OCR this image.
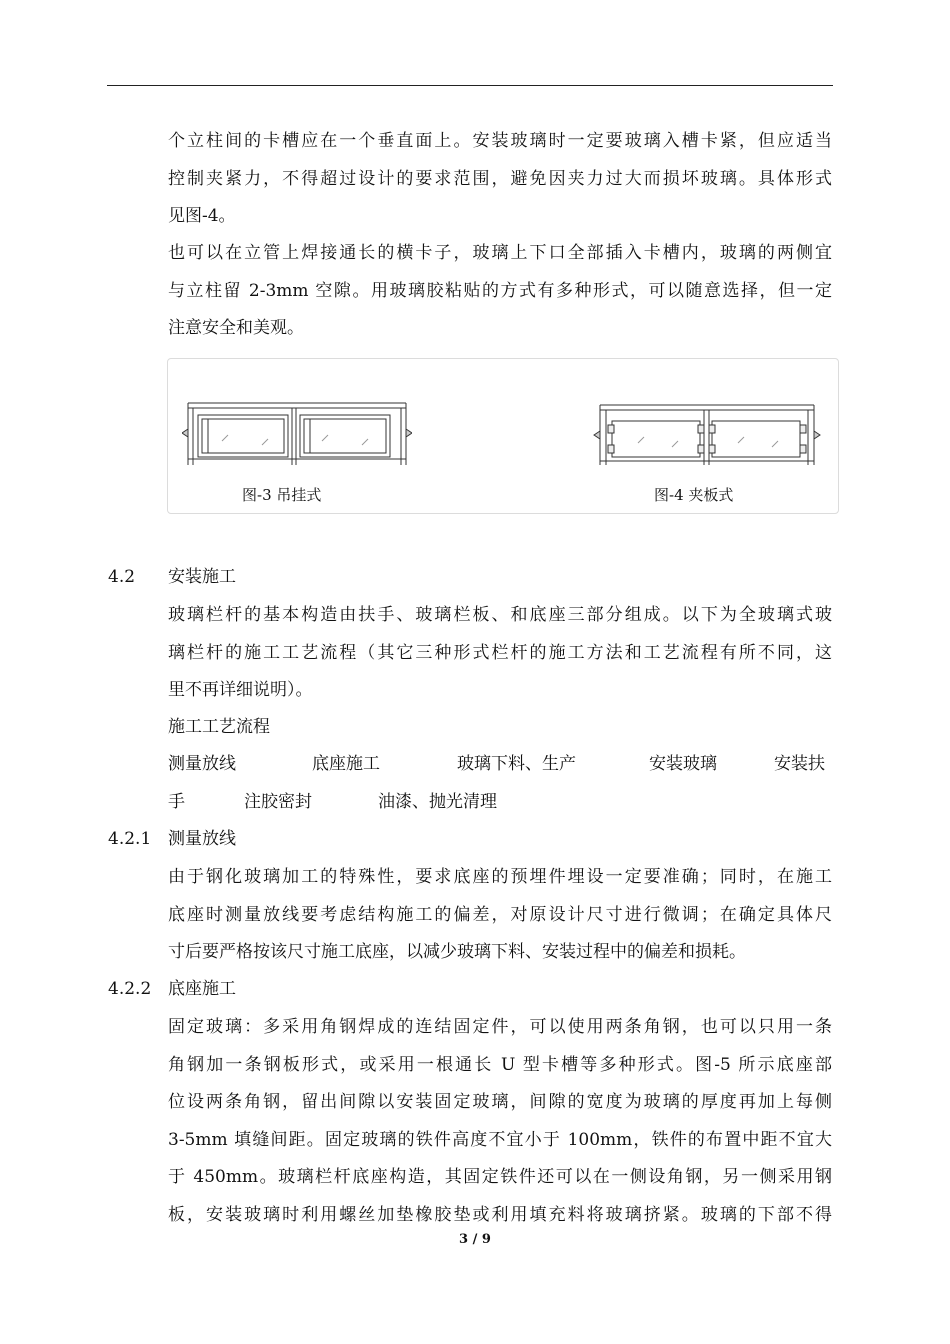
个立柱间的卡槽应在一个垂直面上。安装玻璃时一定要玻璃入槽卡紧，但应适当
控制夹紧力，不得超过设计的要求范围，避免因夹力过大而损坏玻璃。具体形式
见图-4。
也可以在立管上焊接通长的横卡子，玻璃上下口全部插入卡槽内，玻璃的两侧宜
与立柱留 2-3mm 空隙。用玻璃胶粘贴的方式有多种形式，可以随意选择，但一定
注意安全和美观。
图-3 吊挂式	图-4 夹板式
4.2 安装施工
玻璃栏杆的基本构造由扶手、玻璃栏板、和底座三部分组成。以下为全玻璃式玻
璃栏杆的施工工艺流程（其它三种形式栏杆的施工方法和工艺流程有所不同，这
里不再详细说明）。
施工工艺流程
测量放线	底座施工	玻璃下料、生产	安装玻璃	安装扶
手	注胶密封	油漆、抛光清理
4.2.1 测量放线
由于钢化玻璃加工的特殊性，要求底座的预埋件埋设一定要准确；同时，在施工
底座时测量放线要考虑结构施工的偏差，对原设计尺寸进行微调；在确定具体尺
寸后要严格按该尺寸施工底座，以减少玻璃下料、安装过程中的偏差和损耗。
4.2.2 底座施工
固定玻璃：多采用角钢焊成的连结固定件，可以使用两条角钢，也可以只用一条
角钢加一条钢板形式，或采用一根通长 U 型卡槽等多种形式。图-5 所示底座部
位设两条角钢，留出间隙以安装固定玻璃，间隙的宽度为玻璃的厚度再加上每侧
3-5mm 填缝间距。固定玻璃的铁件高度不宜小于 100mm，铁件的布置中距不宜大
于 450mm。玻璃栏杆底座构造，其固定铁件还可以在一侧设角钢，另一侧采用钢
板，安装玻璃时利用螺丝加垫橡胶垫或利用填充料将玻璃挤紧。玻璃的下部不得
3 / 9
